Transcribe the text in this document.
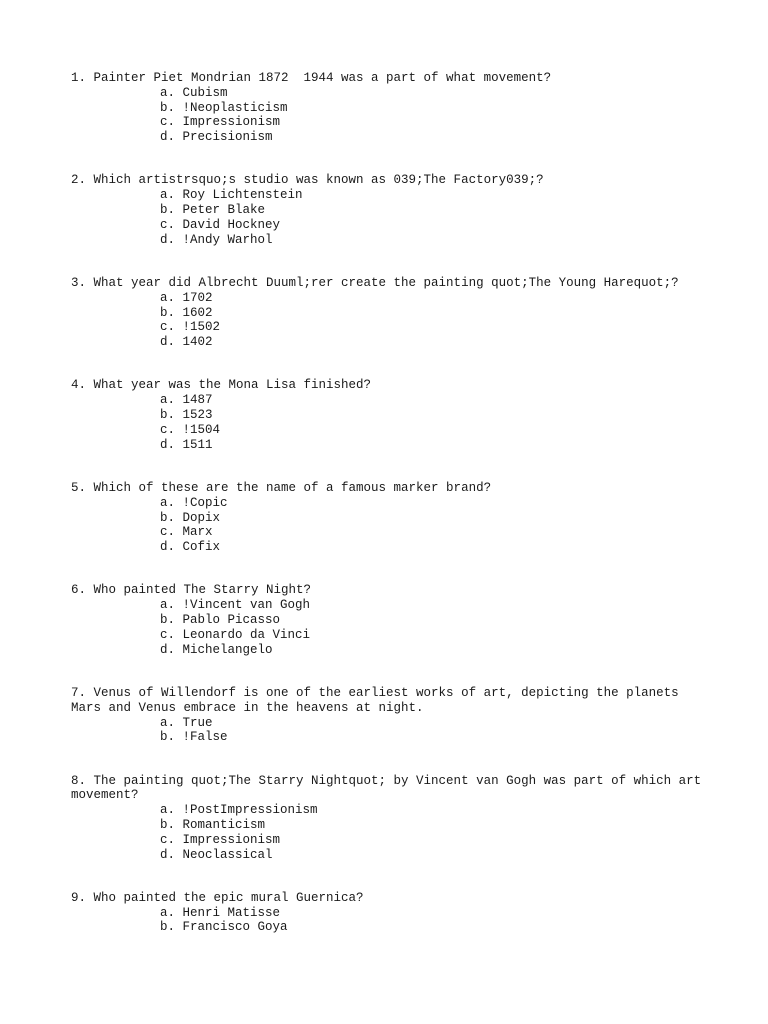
1. Painter Piet Mondrian 1872  1944 was a part of what movement?
a. Cubism
b. !Neoplasticism
c. Impressionism
d. Precisionism
2. Which artistrsquo;s studio was known as 039;The Factory039;?
a. Roy Lichtenstein
b. Peter Blake
c. David Hockney
d. !Andy Warhol
3. What year did Albrecht Duuml;rer create the painting quot;The Young Harequot;?
a. 1702
b. 1602
c. !1502
d. 1402
4. What year was the Mona Lisa finished?
a. 1487
b. 1523
c. !1504
d. 1511
5. Which of these are the name of a famous marker brand?
a. !Copic
b. Dopix
c. Marx
d. Cofix
6. Who painted The Starry Night?
a. !Vincent van Gogh
b. Pablo Picasso
c. Leonardo da Vinci
d. Michelangelo
7. Venus of Willendorf is one of the earliest works of art, depicting the planets Mars and Venus embrace in the heavens at night.
a. True
b. !False
8. The painting quot;The Starry Nightquot; by Vincent van Gogh was part of which art movement?
a. !PostImpressionism
b. Romanticism
c. Impressionism
d. Neoclassical
9. Who painted the epic mural Guernica?
a. Henri Matisse
b. Francisco Goya
